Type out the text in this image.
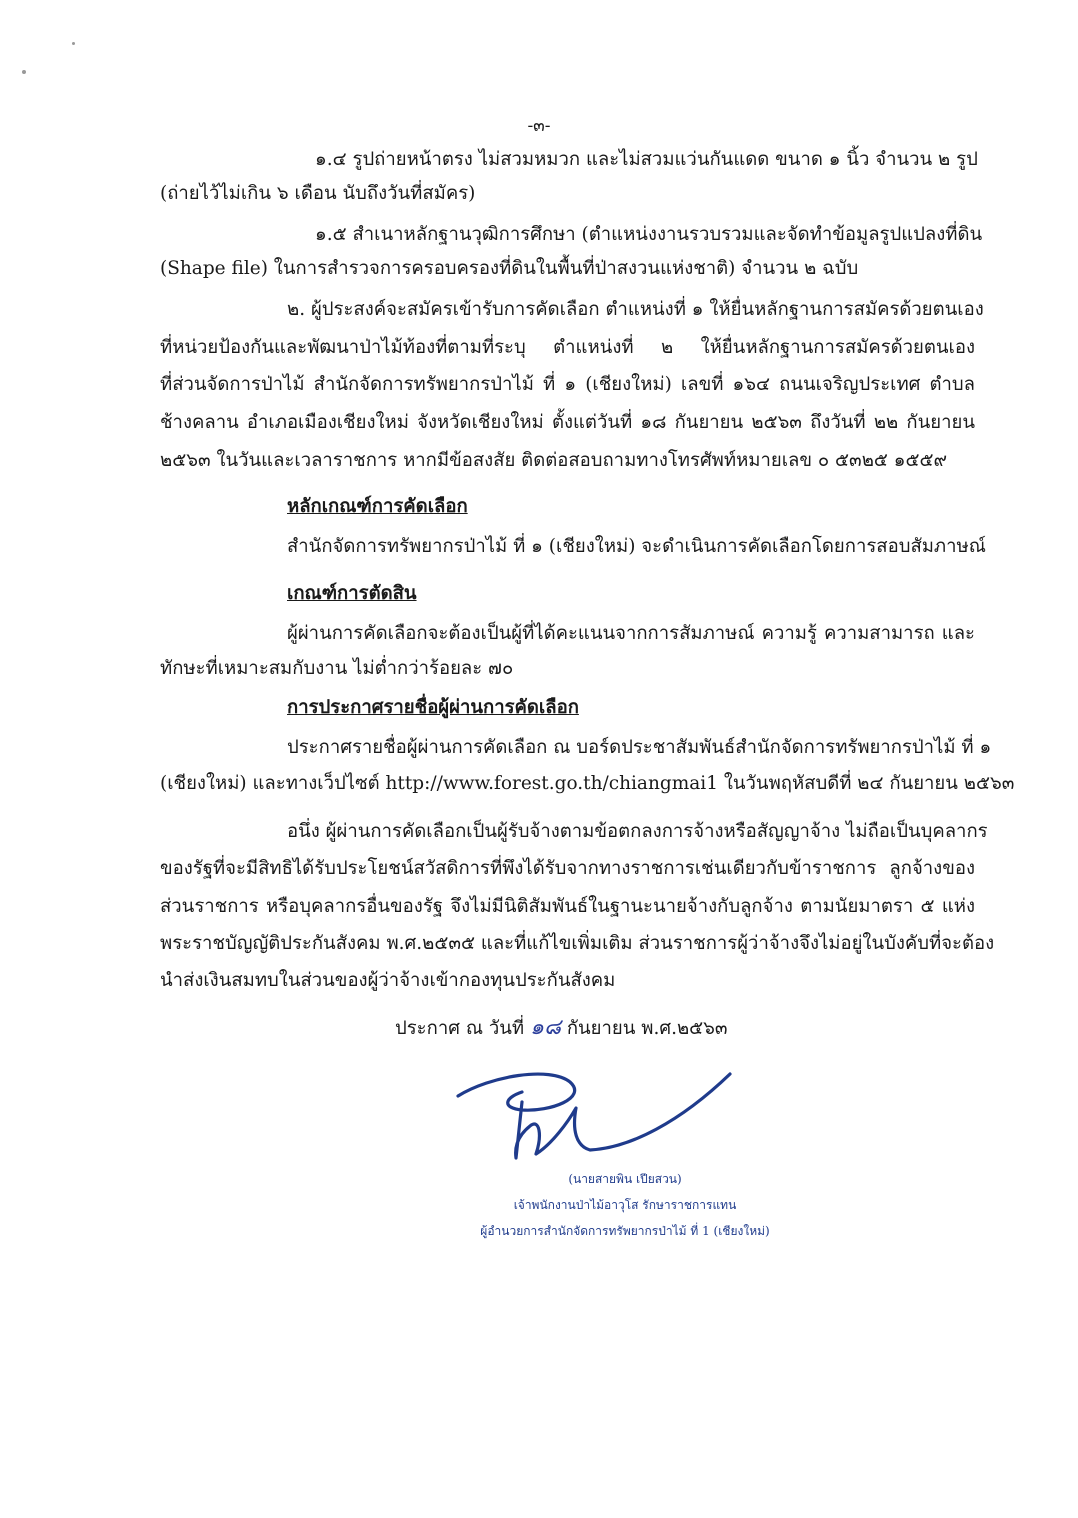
-๓-
๑.๔ รูปถ่ายหน้าตรง ไม่สวมหมวก และไม่สวมแว่นกันแดด ขนาด ๑ นิ้ว จำนวน ๒ รูป
(ถ่ายไว้ไม่เกิน ๖ เดือน นับถึงวันที่สมัคร)
๑.๕ สำเนาหลักฐานวุฒิการศึกษา (ตำแหน่งงานรวบรวมและจัดทำข้อมูลรูปแปลงที่ดิน
(Shape file) ในการสำรวจการครอบครองที่ดินในพื้นที่ป่าสงวนแห่งชาติ) จำนวน ๒ ฉบับ
๒. ผู้ประสงค์จะสมัครเข้ารับการคัดเลือก ตำแหน่งที่ ๑ ให้ยื่นหลักฐานการสมัครด้วยตนเอง
ที่หน่วยป้องกันและพัฒนาป่าไม้ท้องที่ตามที่ระบุ ตำแหน่งที่ ๒ ให้ยื่นหลักฐานการสมัครด้วยตนเอง
ที่ส่วนจัดการป่าไม้ สำนักจัดการทรัพยากรป่าไม้ ที่ ๑ (เชียงใหม่) เลขที่ ๑๖๔ ถนนเจริญประเทศ ตำบล
ช้างคลาน อำเภอเมืองเชียงใหม่ จังหวัดเชียงใหม่ ตั้งแต่วันที่ ๑๘ กันยายน ๒๕๖๓ ถึงวันที่ ๒๒ กันยายน
๒๕๖๓ ในวันและเวลาราชการ หากมีข้อสงสัย ติดต่อสอบถามทางโทรศัพท์หมายเลข ๐ ๕๓๒๕ ๑๕๕๙
หลักเกณฑ์การคัดเลือก
สำนักจัดการทรัพยากรป่าไม้ ที่ ๑ (เชียงใหม่) จะดำเนินการคัดเลือกโดยการสอบสัมภาษณ์
เกณฑ์การตัดสิน
ผู้ผ่านการคัดเลือกจะต้องเป็นผู้ที่ได้คะแนนจากการสัมภาษณ์ ความรู้ ความสามารถ และ
ทักษะที่เหมาะสมกับงาน ไม่ต่ำกว่าร้อยละ ๗๐
การประกาศรายชื่อผู้ผ่านการคัดเลือก
ประกาศรายชื่อผู้ผ่านการคัดเลือก ณ บอร์ดประชาสัมพันธ์สำนักจัดการทรัพยากรป่าไม้ ที่ ๑
(เชียงใหม่) และทางเว็ปไซต์ http://www.forest.go.th/chiangmai1 ในวันพฤหัสบดีที่ ๒๔ กันยายน ๒๕๖๓
อนึ่ง ผู้ผ่านการคัดเลือกเป็นผู้รับจ้างตามข้อตกลงการจ้างหรือสัญญาจ้าง ไม่ถือเป็นบุคลากร
ของรัฐที่จะมีสิทธิได้รับประโยชน์สวัสดิการที่พึงได้รับจากทางราชการเช่นเดียวกับข้าราชการ ลูกจ้างของ
ส่วนราชการ หรือบุคลากรอื่นของรัฐ จึงไม่มีนิติสัมพันธ์ในฐานะนายจ้างกับลูกจ้าง ตามนัยมาตรา ๕ แห่ง
พระราชบัญญัติประกันสังคม พ.ศ.๒๕๓๕ และที่แก้ไขเพิ่มเติม ส่วนราชการผู้ว่าจ้างจึงไม่อยู่ในบังคับที่จะต้อง
นำส่งเงินสมทบในส่วนของผู้ว่าจ้างเข้ากองทุนประกันสังคม
ประกาศ ณ วันที่ ๑๘ กันยายน พ.ศ.๒๕๖๓
(นายสายพิน เปียสวน)
เจ้าพนักงานป่าไม้อาวุโส รักษาราชการแทน
ผู้อำนวยการสำนักจัดการทรัพยากรป่าไม้ ที่ 1 (เชียงใหม่)
